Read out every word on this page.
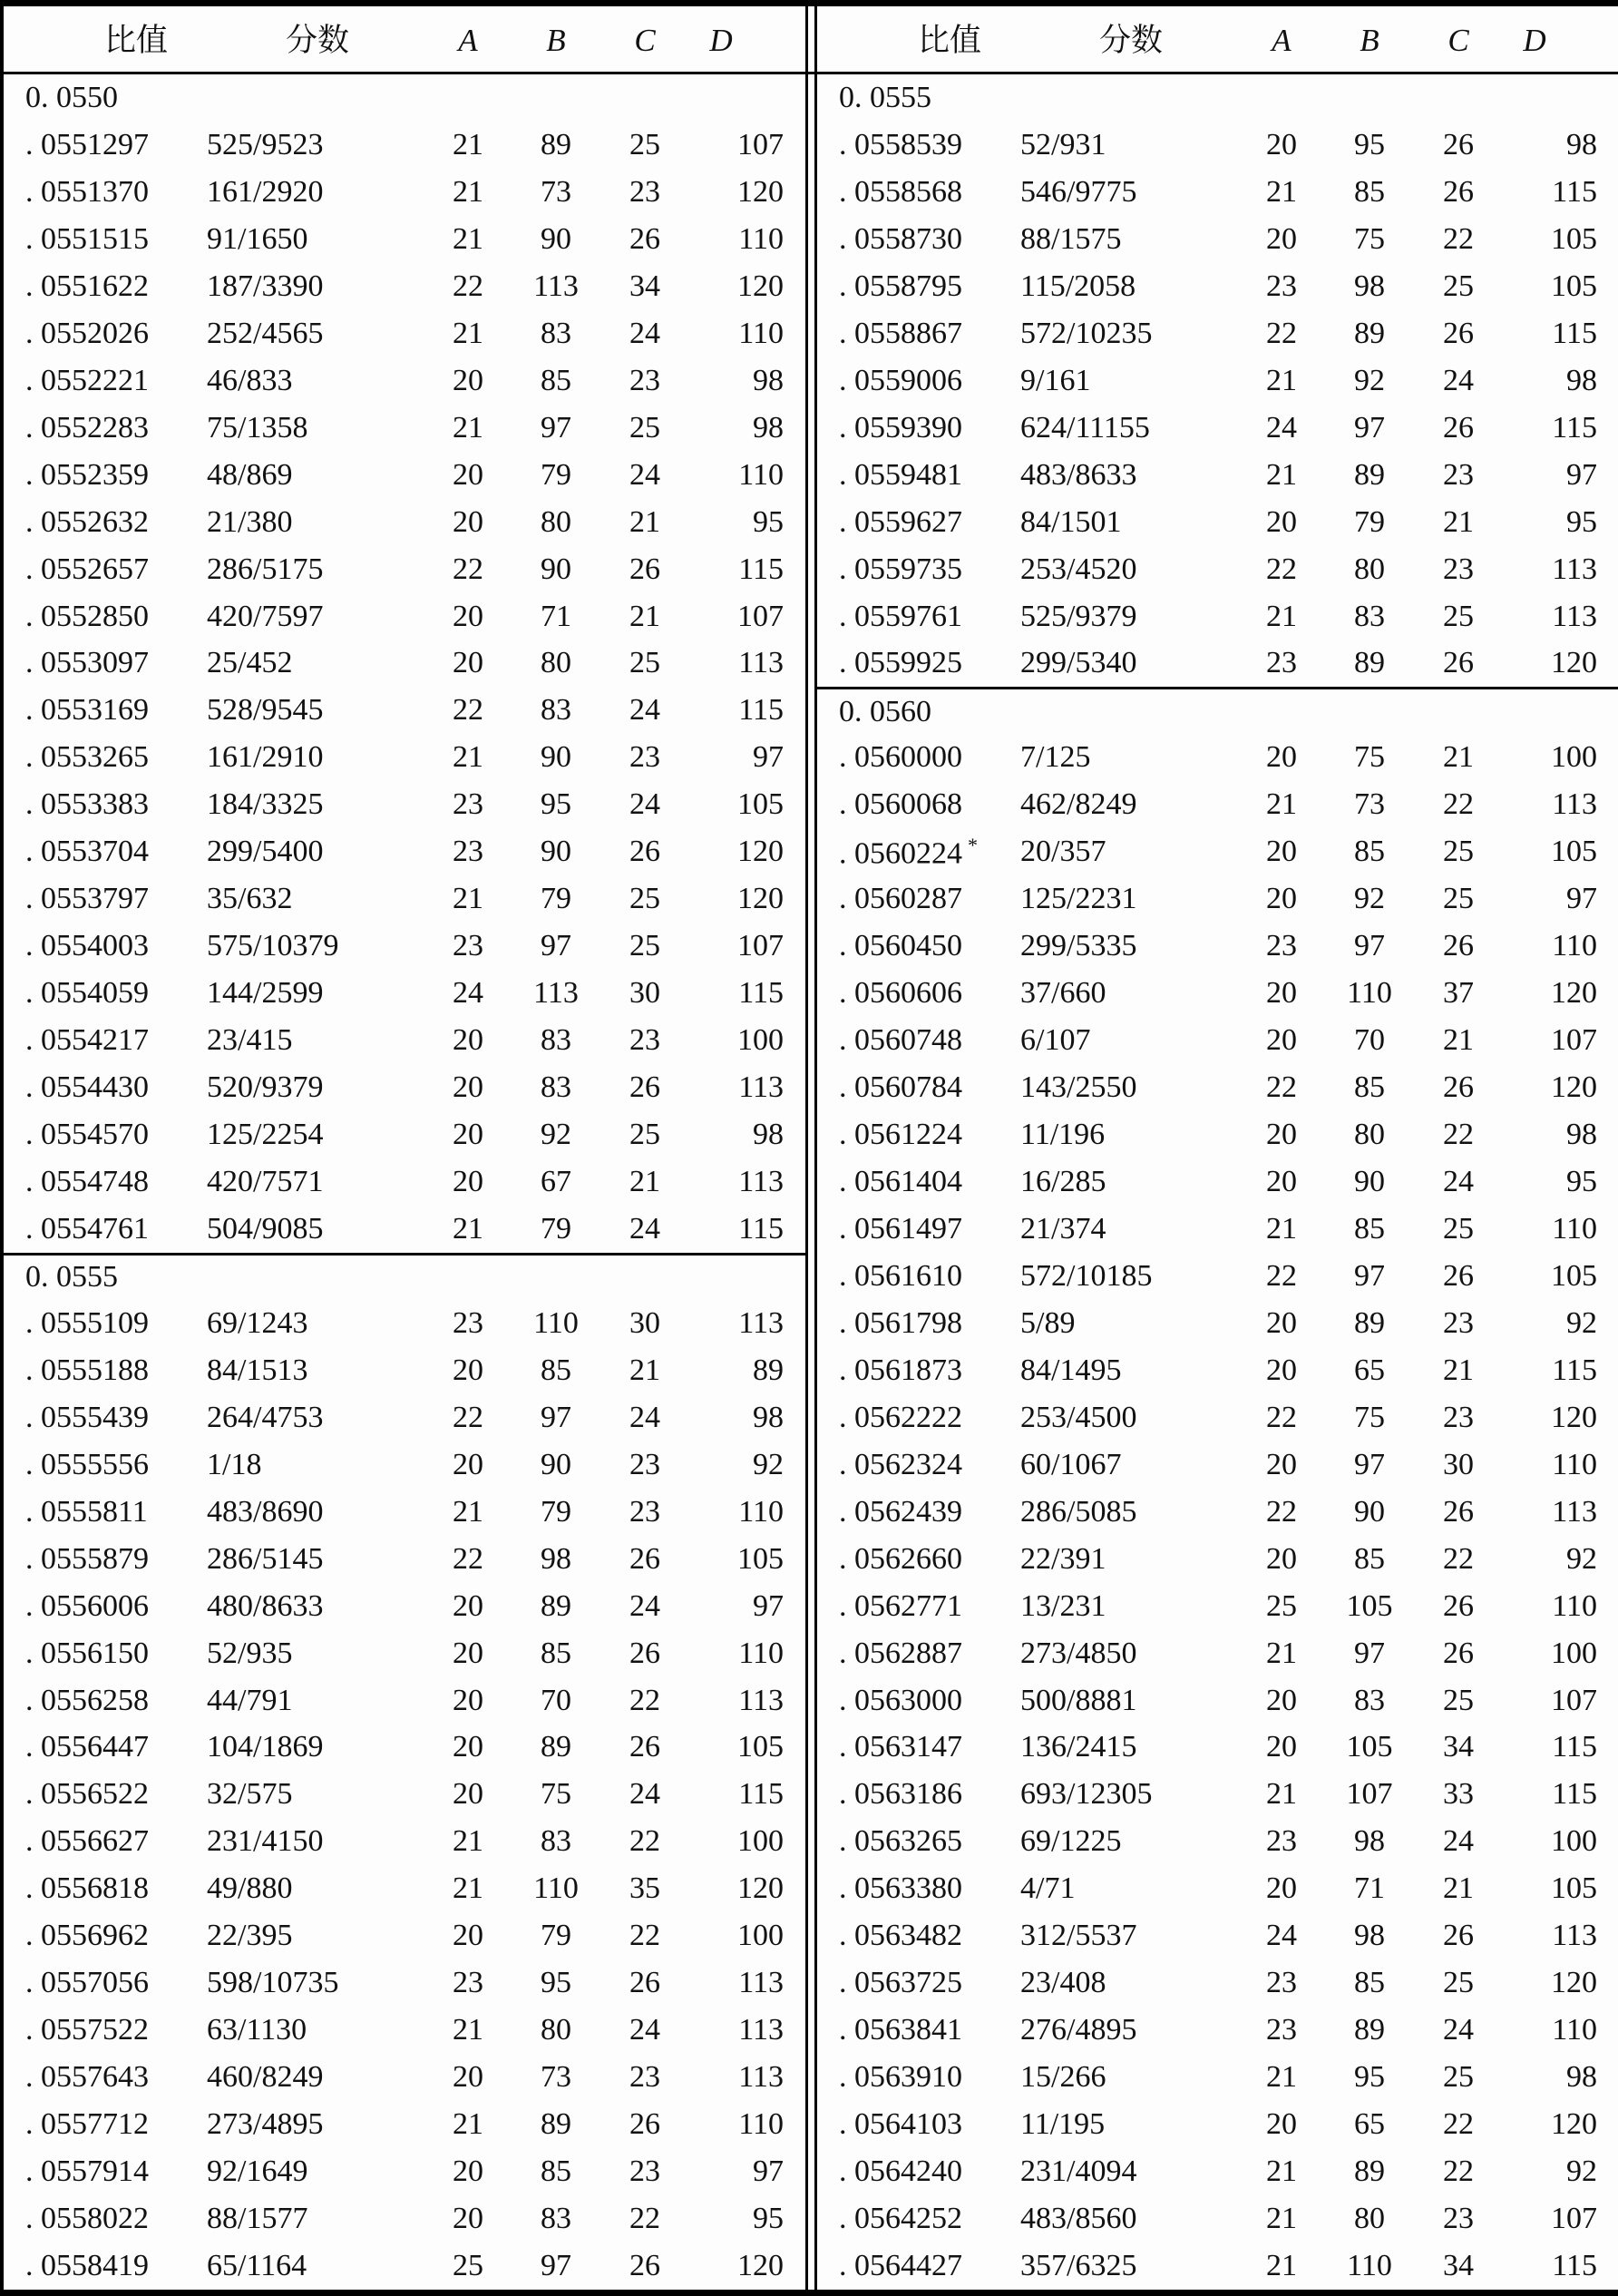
比值	分数	A	B	C	D
0. 0550
. 0551297	525/9523	21	89	25	107
. 0551370	161/2920	21	73	23	120
. 0551515	91/1650	21	90	26	110
. 0551622	187/3390	22	113	34	120
. 0552026	252/4565	21	83	24	110
. 0552221	46/833	20	85	23	98
. 0552283	75/1358	21	97	25	98
. 0552359	48/869	20	79	24	110
. 0552632	21/380	20	80	21	95
. 0552657	286/5175	22	90	26	115
. 0552850	420/7597	20	71	21	107
. 0553097	25/452	20	80	25	113
. 0553169	528/9545	22	83	24	115
. 0553265	161/2910	21	90	23	97
. 0553383	184/3325	23	95	24	105
. 0553704	299/5400	23	90	26	120
. 0553797	35/632	21	79	25	120
. 0554003	575/10379	23	97	25	107
. 0554059	144/2599	24	113	30	115
. 0554217	23/415	20	83	23	100
. 0554430	520/9379	20	83	26	113
. 0554570	125/2254	20	92	25	98
. 0554748	420/7571	20	67	21	113
. 0554761	504/9085	21	79	24	115
0. 0555
. 0555109	69/1243	23	110	30	113
. 0555188	84/1513	20	85	21	89
. 0555439	264/4753	22	97	24	98
. 0555556	1/18	20	90	23	92
. 0555811	483/8690	21	79	23	110
. 0555879	286/5145	22	98	26	105
. 0556006	480/8633	20	89	24	97
. 0556150	52/935	20	85	26	110
. 0556258	44/791	20	70	22	113
. 0556447	104/1869	20	89	26	105
. 0556522	32/575	20	75	24	115
. 0556627	231/4150	21	83	22	100
. 0556818	49/880	21	110	35	120
. 0556962	22/395	20	79	22	100
. 0557056	598/10735	23	95	26	113
. 0557522	63/1130	21	80	24	113
. 0557643	460/8249	20	73	23	113
. 0557712	273/4895	21	89	26	110
. 0557914	92/1649	20	85	23	97
. 0558022	88/1577	20	83	22	95
. 0558419	65/1164	25	97	26	120
比值	分数	A	B	C	D
0. 0555
. 0558539	52/931	20	95	26	98
. 0558568	546/9775	21	85	26	115
. 0558730	88/1575	20	75	22	105
. 0558795	115/2058	23	98	25	105
. 0558867	572/10235	22	89	26	115
. 0559006	9/161	21	92	24	98
. 0559390	624/11155	24	97	26	115
. 0559481	483/8633	21	89	23	97
. 0559627	84/1501	20	79	21	95
. 0559735	253/4520	22	80	23	113
. 0559761	525/9379	21	83	25	113
. 0559925	299/5340	23	89	26	120
0. 0560
. 0560000	7/125	20	75	21	100
. 0560068	462/8249	21	73	22	113
. 0560224 *	20/357	20	85	25	105
. 0560287	125/2231	20	92	25	97
. 0560450	299/5335	23	97	26	110
. 0560606	37/660	20	110	37	120
. 0560748	6/107	20	70	21	107
. 0560784	143/2550	22	85	26	120
. 0561224	11/196	20	80	22	98
. 0561404	16/285	20	90	24	95
. 0561497	21/374	21	85	25	110
. 0561610	572/10185	22	97	26	105
. 0561798	5/89	20	89	23	92
. 0561873	84/1495	20	65	21	115
. 0562222	253/4500	22	75	23	120
. 0562324	60/1067	20	97	30	110
. 0562439	286/5085	22	90	26	113
. 0562660	22/391	20	85	22	92
. 0562771	13/231	25	105	26	110
. 0562887	273/4850	21	97	26	100
. 0563000	500/8881	20	83	25	107
. 0563147	136/2415	20	105	34	115
. 0563186	693/12305	21	107	33	115
. 0563265	69/1225	23	98	24	100
. 0563380	4/71	20	71	21	105
. 0563482	312/5537	24	98	26	113
. 0563725	23/408	23	85	25	120
. 0563841	276/4895	23	89	24	110
. 0563910	15/266	21	95	25	98
. 0564103	11/195	20	65	22	120
. 0564240	231/4094	21	89	22	92
. 0564252	483/8560	21	80	23	107
. 0564427	357/6325	21	110	34	115
